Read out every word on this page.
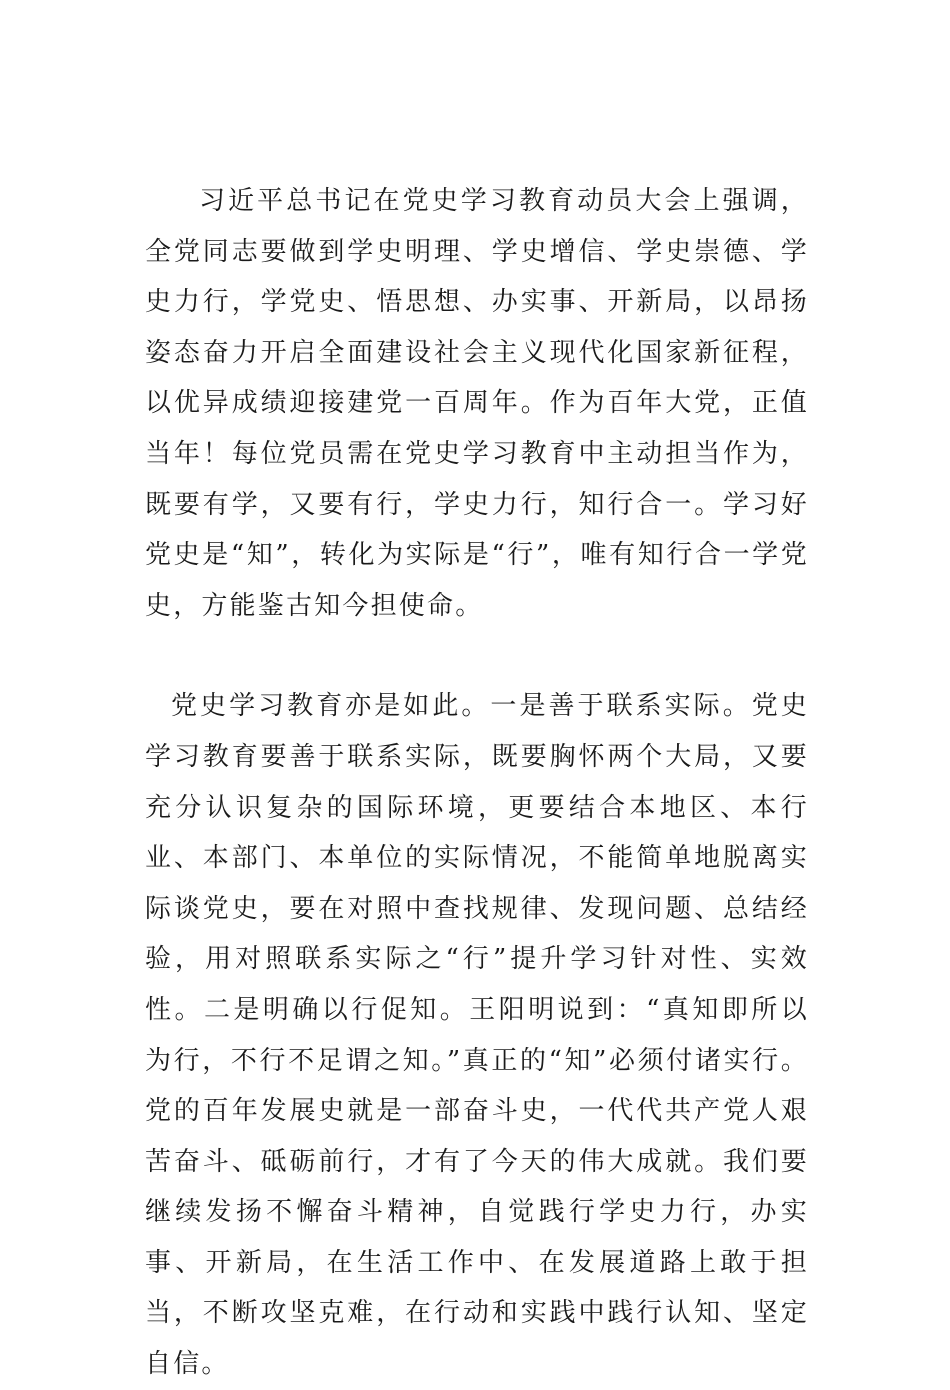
习近平总书记在党史学习教育动员大会上强调，全党同志要做到学史明理、学史增信、学史崇德、学史力行，学党史、悟思想、办实事、开新局，以昂扬姿态奋力开启全面建设社会主义现代化国家新征程，以优异成绩迎接建党一百周年。作为百年大党，正值当年！每位党员需在党史学习教育中主动担当作为，既要有学，又要有行，学史力行，知行合一。学习好党史是“知”，转化为实际是“行”，唯有知行合一学党史，方能鉴古知今担使命。

党史学习教育亦是如此。一是善于联系实际。党史学习教育要善于联系实际，既要胸怀两个大局，又要充分认识复杂的国际环境，更要结合本地区、本行业、本部门、本单位的实际情况，不能简单地脱离实际谈党史，要在对照中查找规律、发现问题、总结经验，用对照联系实际之“行”提升学习针对性、实效性。二是明确以行促知。王阳明说到：“真知即所以为行，不行不足谓之知。”真正的“知”必须付诸实行。党的百年发展史就是一部奋斗史，一代代共产党人艰苦奋斗、砥砺前行，才有了今天的伟大成就。我们要继续发扬不懈奋斗精神，自觉践行学史力行，办实事、开新局，在生活工作中、在发展道路上敢于担当，不断攻坚克难，在行动和实践中践行认知、坚定自信。
